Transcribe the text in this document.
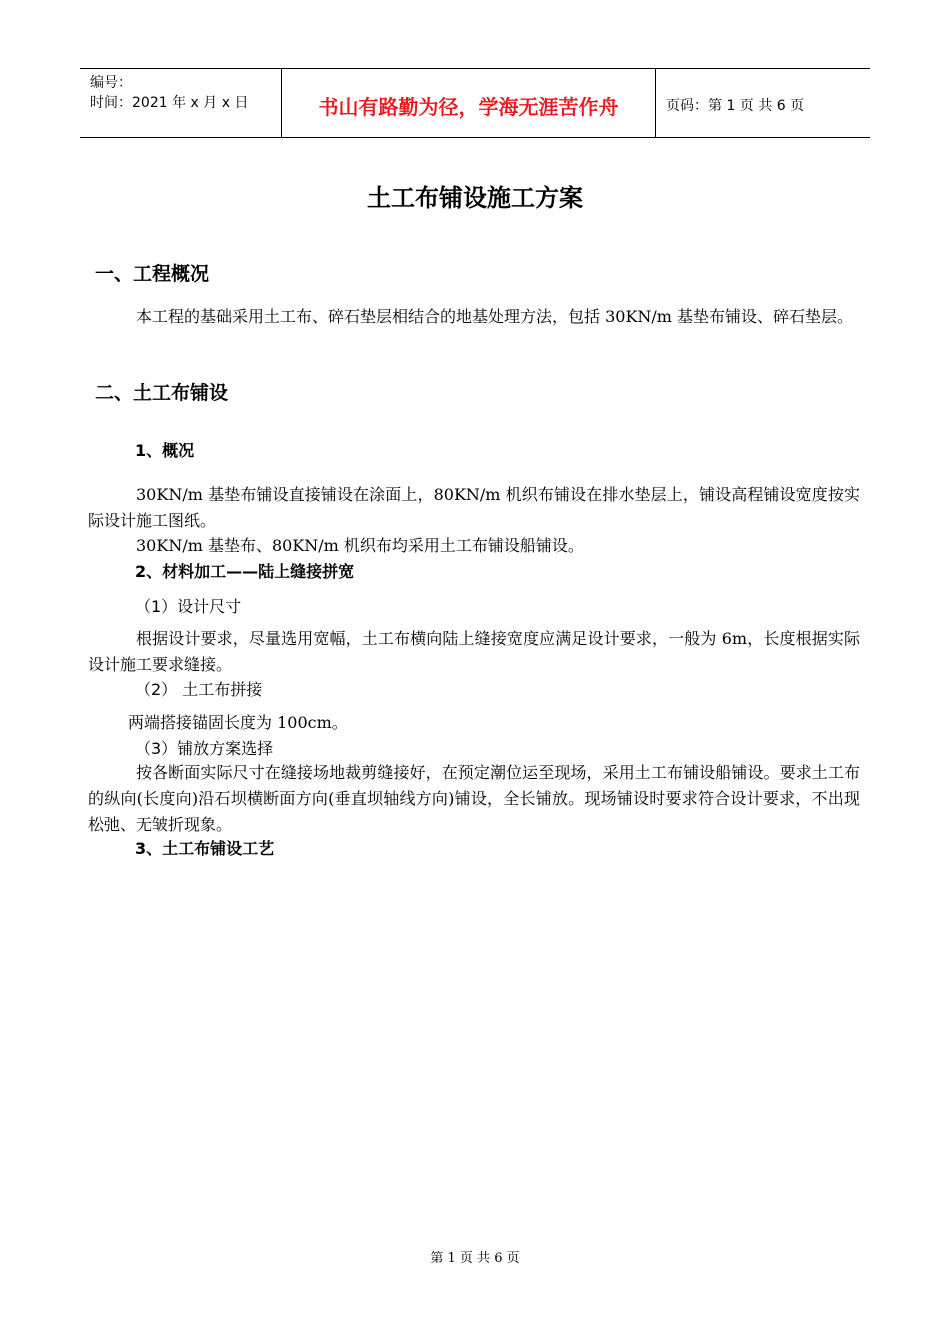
编号：
时间：2021 年 x 月 x 日	书山有路勤为径，学海无涯苦作舟	页码：第 1 页 共 6 页
土工布铺设施工方案
一、工程概况
本工程的基础采用土工布、碎石垫层相结合的地基处理方法，包括 30KN/m 基垫布铺设、碎石垫层。
二、土工布铺设
1、概况
30KN/m 基垫布铺设直接铺设在涂面上，80KN/m 机织布铺设在排水垫层上，铺设高程铺设宽度按实际设计施工图纸。
30KN/m 基垫布、80KN/m 机织布均采用土工布铺设船铺设。
2、材料加工——陆上缝接拼宽
（1）设计尺寸
根据设计要求，尽量选用宽幅，土工布横向陆上缝接宽度应满足设计要求，一般为 6m，长度根据实际设计施工要求缝接。
（2） 土工布拼接
两端搭接锚固长度为 100cm。
（3）铺放方案选择
按各断面实际尺寸在缝接场地裁剪缝接好，在预定潮位运至现场，采用土工布铺设船铺设。要求土工布的纵向(长度向)沿石坝横断面方向(垂直坝轴线方向)铺设，全长铺放。现场铺设时要求符合设计要求，不出现松弛、无皱折现象。
3、土工布铺设工艺
第 1 页 共 6 页
